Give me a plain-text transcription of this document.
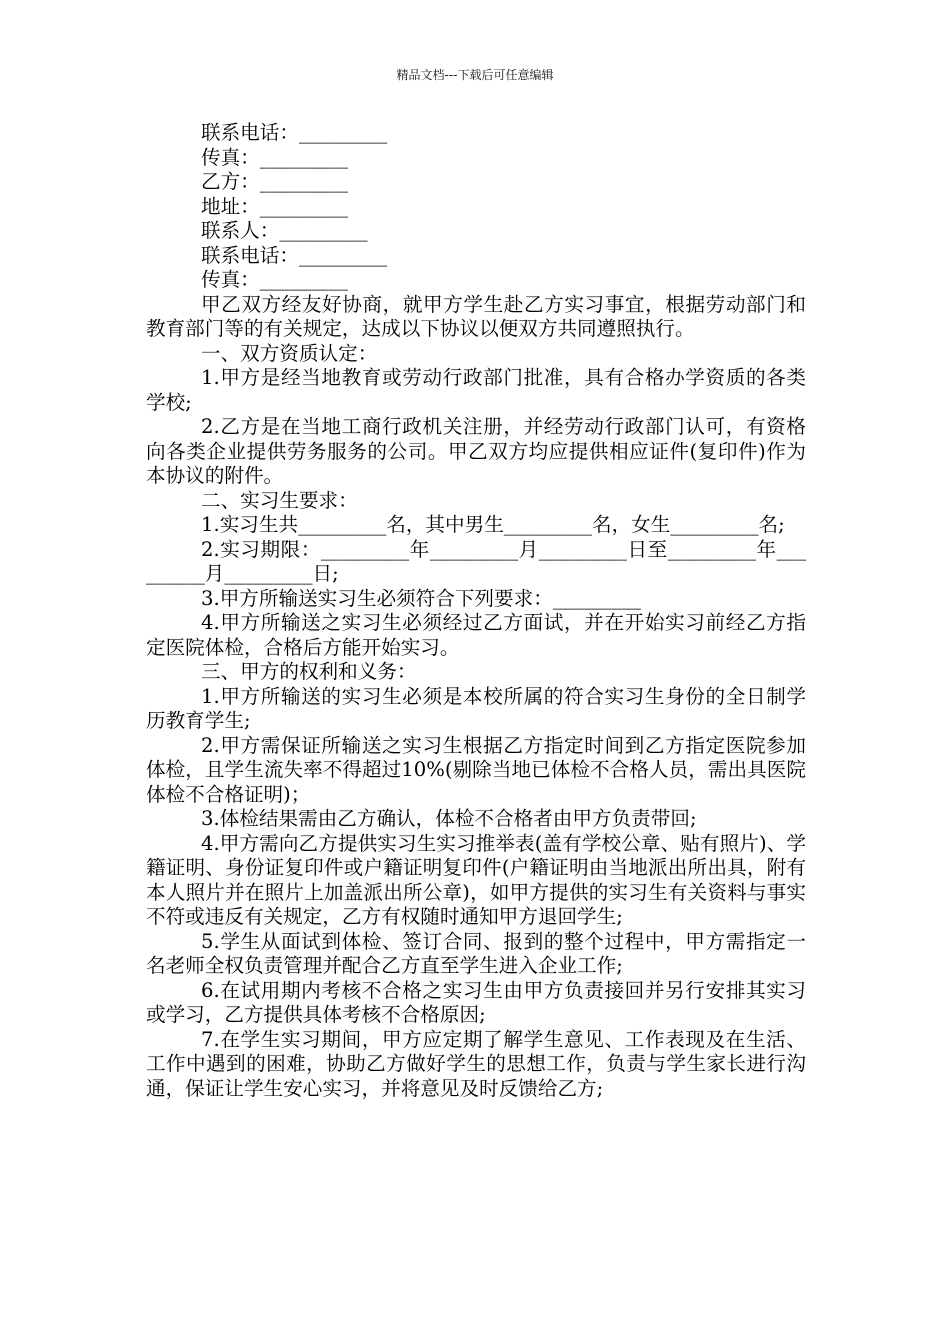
精品文档---下载后可任意编辑
联系电话：_________
传真：_________
乙方：_________
地址：_________
联系人：_________
联系电话：_________
传真：_________
甲乙双方经友好协商，就甲方学生赴乙方实习事宜，根据劳动部门和教育部门等的有关规定，达成以下协议以便双方共同遵照执行。
一、双方资质认定：
1.甲方是经当地教育或劳动行政部门批准，具有合格办学资质的各类学校;
2.乙方是在当地工商行政机关注册，并经劳动行政部门认可，有资格向各类企业提供劳务服务的公司。甲乙双方均应提供相应证件(复印件)作为本协议的附件。
二、实习生要求：
1.实习生共_________名，其中男生_________名，女生_________名;
2.实习期限：_________年_________月_________日至_________年_________月_________日;
3.甲方所输送实习生必须符合下列要求：_________
4.甲方所输送之实习生必须经过乙方面试，并在开始实习前经乙方指定医院体检，合格后方能开始实习。
三、甲方的权利和义务：
1.甲方所输送的实习生必须是本校所属的符合实习生身份的全日制学历教育学生;
2.甲方需保证所输送之实习生根据乙方指定时间到乙方指定医院参加体检，且学生流失率不得超过10%(剔除当地已体检不合格人员，需出具医院体检不合格证明)；
3.体检结果需由乙方确认，体检不合格者由甲方负责带回;
4.甲方需向乙方提供实习生实习推举表(盖有学校公章、贴有照片)、学籍证明、身份证复印件或户籍证明复印件(户籍证明由当地派出所出具，附有本人照片并在照片上加盖派出所公章)，如甲方提供的实习生有关资料与事实不符或违反有关规定，乙方有权随时通知甲方退回学生;
5.学生从面试到体检、签订合同、报到的整个过程中，甲方需指定一名老师全权负责管理并配合乙方直至学生进入企业工作;
6.在试用期内考核不合格之实习生由甲方负责接回并另行安排其实习或学习，乙方提供具体考核不合格原因;
7.在学生实习期间，甲方应定期了解学生意见、工作表现及在生活、工作中遇到的困难，协助乙方做好学生的思想工作，负责与学生家长进行沟通，保证让学生安心实习，并将意见及时反馈给乙方;
